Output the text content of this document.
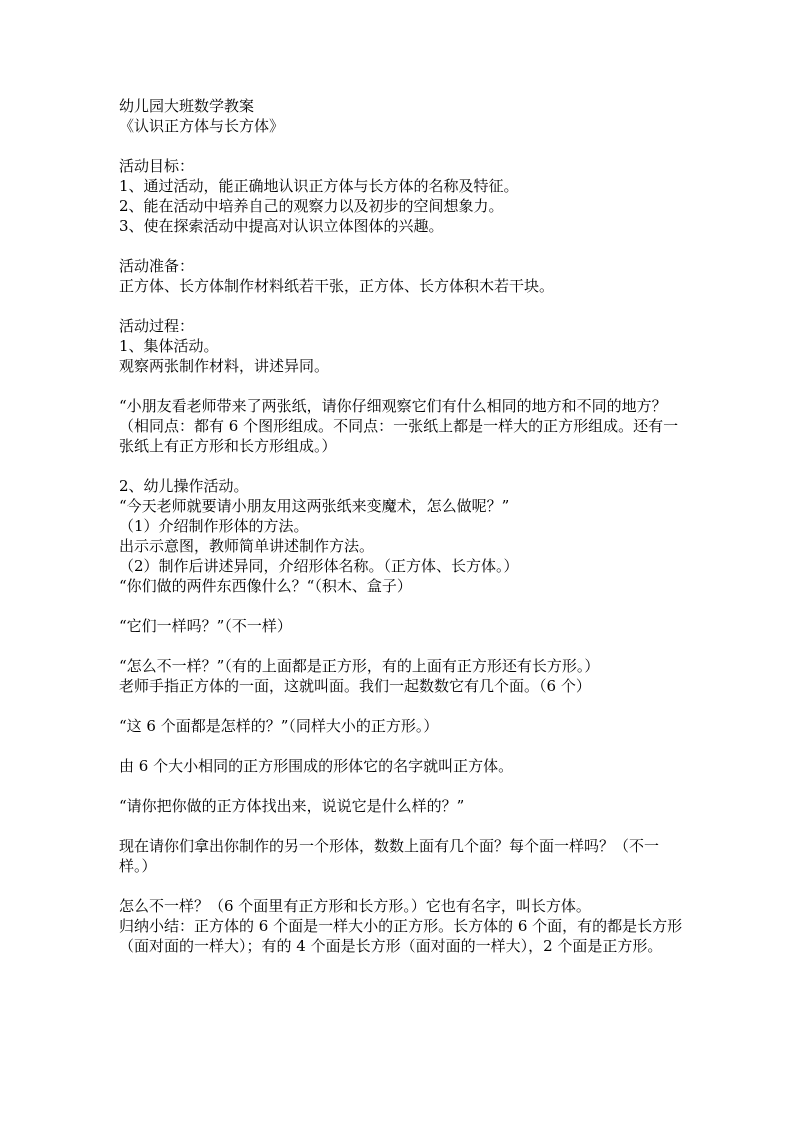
幼儿园大班数学教案
《认识正方体与长方体》
活动目标：
1、通过活动，能正确地认识正方体与长方体的名称及特征。
2、能在活动中培养自己的观察力以及初步的空间想象力。
3、使在探索活动中提高对认识立体图体的兴趣。
活动准备：
正方体、长方体制作材料纸若干张，正方体、长方体积木若干块。
活动过程：
1、集体活动。
观察两张制作材料，讲述异同。
“小朋友看老师带来了两张纸，请你仔细观察它们有什么相同的地方和不同的地方？（相同点：都有 6 个图形组成。不同点：一张纸上都是一样大的正方形组成。还有一张纸上有正方形和长方形组成。）
2、幼儿操作活动。
“今天老师就要请小朋友用这两张纸来变魔术，怎么做呢？”
（1）介绍制作形体的方法。
出示示意图，教师简单讲述制作方法。
（2）制作后讲述异同，介绍形体名称。（正方体、长方体。）
“你们做的两件东西像什么？“（积木、盒子）
“它们一样吗？”（不一样）
“怎么不一样？”（有的上面都是正方形，有的上面有正方形还有长方形。）
老师手指正方体的一面，这就叫面。我们一起数数它有几个面。（6 个）
“这 6 个面都是怎样的？”（同样大小的正方形。）
由 6 个大小相同的正方形围成的形体它的名字就叫正方体。
“请你把你做的正方体找出来，说说它是什么样的？”
现在请你们拿出你制作的另一个形体，数数上面有几个面？每个面一样吗？（不一样。）
怎么不一样？（6 个面里有正方形和长方形。）它也有名字，叫长方体。
归纳小结：正方体的 6 个面是一样大小的正方形。长方体的 6 个面，有的都是长方形（面对面的一样大）；有的 4 个面是长方形（面对面的一样大），2 个面是正方形。
